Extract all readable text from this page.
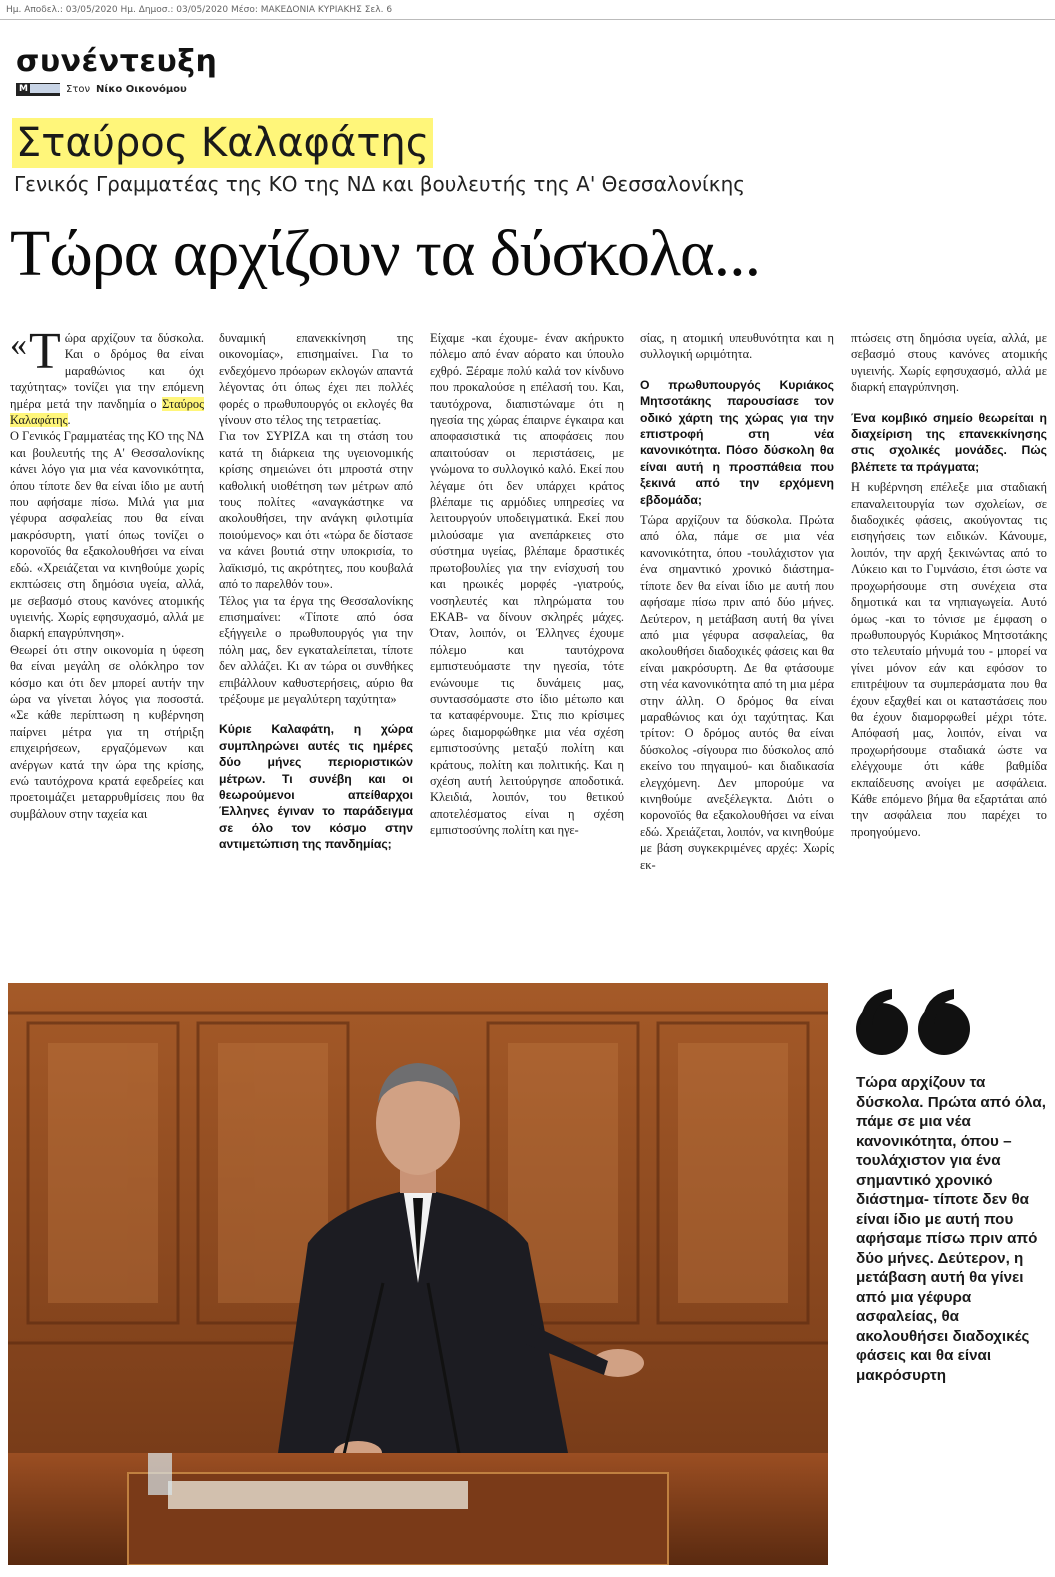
Ημ. Αποδελ.: 03/05/2020 Ημ. Δημοσ.: 03/05/2020 Μέσο: ΜΑΚΕΔΟΝΙΑ ΚΥΡΙΑΚΗΣ Σελ. 6
συνέντευξη
M	Στον Νίκο Οικονόμου
Σταύρος Καλαφάτης
Γενικός Γραμματέας της ΚΟ της ΝΔ και βουλευτής της Α' Θεσσαλονίκης
Τώρα αρχίζουν τα δύσκολα...

« Τ ώρα αρχίζουν τα δύσκολα. Και ο δρόμος θα είναι μαραθώνιος και όχι ταχύτητας» τονίζει για την επόμενη ημέρα μετά την πανδημία ο Σταύρος Καλαφάτης.

Ο Γενικός Γραμματέας της ΚΟ της ΝΔ και βουλευτής της Α' Θεσσαλονίκης κάνει λόγο για μια νέα κανονικότητα, όπου τίποτε δεν θα είναι ίδιο με αυτή που αφήσαμε πίσω. Μιλά για μια γέφυρα ασφαλείας που θα είναι μακρόσυρτη, γιατί όπως τονίζει ο κορονοϊός θα εξακολουθήσει να είναι εδώ. «Χρειάζεται να κινηθούμε χωρίς εκπτώσεις στη δημόσια υγεία, αλλά, με σεβασμό στους κανόνες ατομικής υγιεινής. Χωρίς εφησυχασμό, αλλά με διαρκή επαγρύπνηση».

Θεωρεί ότι στην οικονομία η ύφεση θα είναι μεγάλη σε ολόκληρο τον κόσμο και ότι δεν μπορεί αυτήν την ώρα να γίνεται λόγος για ποσοστά. «Σε κάθε περίπτωση η κυβέρνηση παίρνει μέτρα για τη στήριξη επιχειρήσεων, εργαζόμενων και ανέργων κατά την ώρα της κρίσης, ενώ ταυτόχρονα κρατά εφεδρείες και προετοιμάζει μεταρρυθμίσεις που θα συμβάλουν στην ταχεία και

δυναμική επανεκκίνηση της οικονομίας», επισημαίνει. Για το ενδεχόμενο πρόωρων εκλογών απαντά λέγοντας ότι όπως έχει πει πολλές φορές ο πρωθυπουργός οι εκλογές θα γίνουν στο τέλος της τετραετίας.

Για τον ΣΥΡΙΖΑ και τη στάση του κατά τη διάρκεια της υγειονομικής κρίσης σημειώνει ότι μπροστά στην καθολική υιοθέτηση των μέτρων από τους πολίτες «αναγκάστηκε να ακολουθήσει, την ανάγκη φιλοτιμία ποιούμενος» και ότι «τώρα δε δίστασε να κάνει βουτιά στην υποκρισία, το λαϊκισμό, τις ακρότητες, που κουβαλά από το παρελθόν του».

Τέλος για τα έργα της Θεσσαλονίκης επισημαίνει: «Τίποτε από όσα εξήγγειλε ο πρωθυπουργός για την πόλη μας, δεν εγκαταλείπεται, τίποτε δεν αλλάζει. Κι αν τώρα οι συνθήκες επιβάλλουν καθυστερήσεις, αύριο θα τρέξουμε με μεγαλύτερη ταχύτητα»

Κύριε Καλαφάτη, η χώρα συμπληρώνει αυτές τις ημέρες δύο μήνες περιοριστικών μέτρων. Τι συνέβη και οι θεωρούμενοι απείθαρχοι Έλληνες έγιναν το παράδειγμα σε όλο τον κόσμο στην αντιμετώπιση της πανδημίας;

Είχαμε -και έχουμε- έναν ακήρυκτο πόλεμο από έναν αόρατο και ύπουλο εχθρό. Ξέραμε πολύ καλά τον κίνδυνο που προκαλούσε η επέλασή του. Και, ταυτόχρονα, διαπιστώναμε ότι η ηγεσία της χώρας έπαιρνε έγκαιρα και αποφασιστικά τις αποφάσεις που απαιτούσαν οι περιστάσεις, με γνώμονα το συλλογικό καλό. Εκεί που λέγαμε ότι δεν υπάρχει κράτος βλέπαμε τις αρμόδιες υπηρεσίες να λειτουργούν υποδειγματικά. Εκεί που μιλούσαμε για ανεπάρκειες στο σύστημα υγείας, βλέπαμε δραστικές πρωτοβουλίες για την ενίσχυσή του και ηρωικές μορφές -γιατρούς, νοσηλευτές και πληρώματα του ΕΚΑΒ- να δίνουν σκληρές μάχες. Όταν, λοιπόν, οι Έλληνες έχουμε πόλεμο και ταυτόχρονα εμπιστευόμαστε την ηγεσία, τότε ενώνουμε τις δυνάμεις μας, συντασσόμαστε στο ίδιο μέτωπο και τα καταφέρνουμε. Στις πιο κρίσιμες ώρες διαμορφώθηκε μια νέα σχέση εμπιστοσύνης μεταξύ πολίτη και κράτους, πολίτη και πολιτικής. Και η σχέση αυτή λειτούργησε αποδοτικά. Κλειδιά, λοιπόν, του θετικού αποτελέσματος είναι η σχέση εμπιστοσύνης πολίτη και ηγε-

σίας, η ατομική υπευθυνότητα και η συλλογική ωριμότητα.

Ο πρωθυπουργός Κυριάκος Μητσοτάκης παρουσίασε τον οδικό χάρτη της χώρας για την επιστροφή στη νέα κανονικότητα. Πόσο δύσκολη θα είναι αυτή η προσπάθεια που ξεκινά από την ερχόμενη εβδομάδα;

Τώρα αρχίζουν τα δύσκολα. Πρώτα από όλα, πάμε σε μια νέα κανονικότητα, όπου -τουλάχιστον για ένα σημαντικό χρονικό διάστημα- τίποτε δεν θα είναι ίδιο με αυτή που αφήσαμε πίσω πριν από δύο μήνες. Δεύτερον, η μετάβαση αυτή θα γίνει από μια γέφυρα ασφαλείας, θα ακολουθήσει διαδοχικές φάσεις και θα είναι μακρόσυρτη. Δε θα φτάσουμε στη νέα κανονικότητα από τη μια μέρα στην άλλη. Ο δρόμος θα είναι μαραθώνιος και όχι ταχύτητας. Και τρίτον: Ο δρόμος αυτός θα είναι δύσκολος -σίγουρα πιο δύσκολος από εκείνο του πηγαιμού- και διαδικασία ελεγχόμενη. Δεν μπορούμε να κινηθούμε ανεξέλεγκτα. Διότι ο κορονοϊός θα εξακολουθήσει να είναι εδώ. Χρειάζεται, λοιπόν, να κινηθούμε με βάση συγκεκριμένες αρχές: Χωρίς εκ-

πτώσεις στη δημόσια υγεία, αλλά, με σεβασμό στους κανόνες ατομικής υγιεινής. Χωρίς εφησυχασμό, αλλά με διαρκή επαγρύπνηση.

Ένα κομβικό σημείο θεωρείται η διαχείριση της επανεκκίνησης στις σχολικές μονάδες. Πώς βλέπετε τα πράγματα;

Η κυβέρνηση επέλεξε μια σταδιακή επαναλειτουργία των σχολείων, σε διαδοχικές φάσεις, ακούγοντας τις εισηγήσεις των ειδικών. Κάνουμε, λοιπόν, την αρχή ξεκινώντας από το Λύκειο και το Γυμνάσιο, έτσι ώστε να προχωρήσουμε στη συνέχεια στα δημοτικά και τα νηπιαγωγεία. Αυτό όμως -και το τόνισε με έμφαση ο πρωθυπουργός Κυριάκος Μητσοτάκης στο τελευταίο μήνυμά του - μπορεί να γίνει μόνον εάν και εφόσον το επιτρέψουν τα συμπεράσματα που θα έχουν εξαχθεί και οι καταστάσεις που θα έχουν διαμορφωθεί μέχρι τότε. Απόφασή μας, λοιπόν, είναι να προχωρήσουμε σταδιακά ώστε να ελέγχουμε ότι κάθε βαθμίδα εκπαίδευσης ανοίγει με ασφάλεια. Κάθε επόμενο βήμα θα εξαρτάται από την ασφάλεια που παρέχει το προηγούμενο.

Τώρα αρχίζουν τα δύσκολα. Πρώτα από όλα, πάμε σε μια νέα κανονικότητα, όπου – τουλάχιστον για ένα σημαντικό χρονικό διάστημα- τίποτε δεν θα είναι ίδιο με αυτή που αφήσαμε πίσω πριν από δύο μήνες. Δεύτερον, η μετάβαση αυτή θα γίνει από μια γέφυρα ασφαλείας, θα ακολουθήσει διαδοχικές φάσεις και θα είναι μακρόσυρτη
